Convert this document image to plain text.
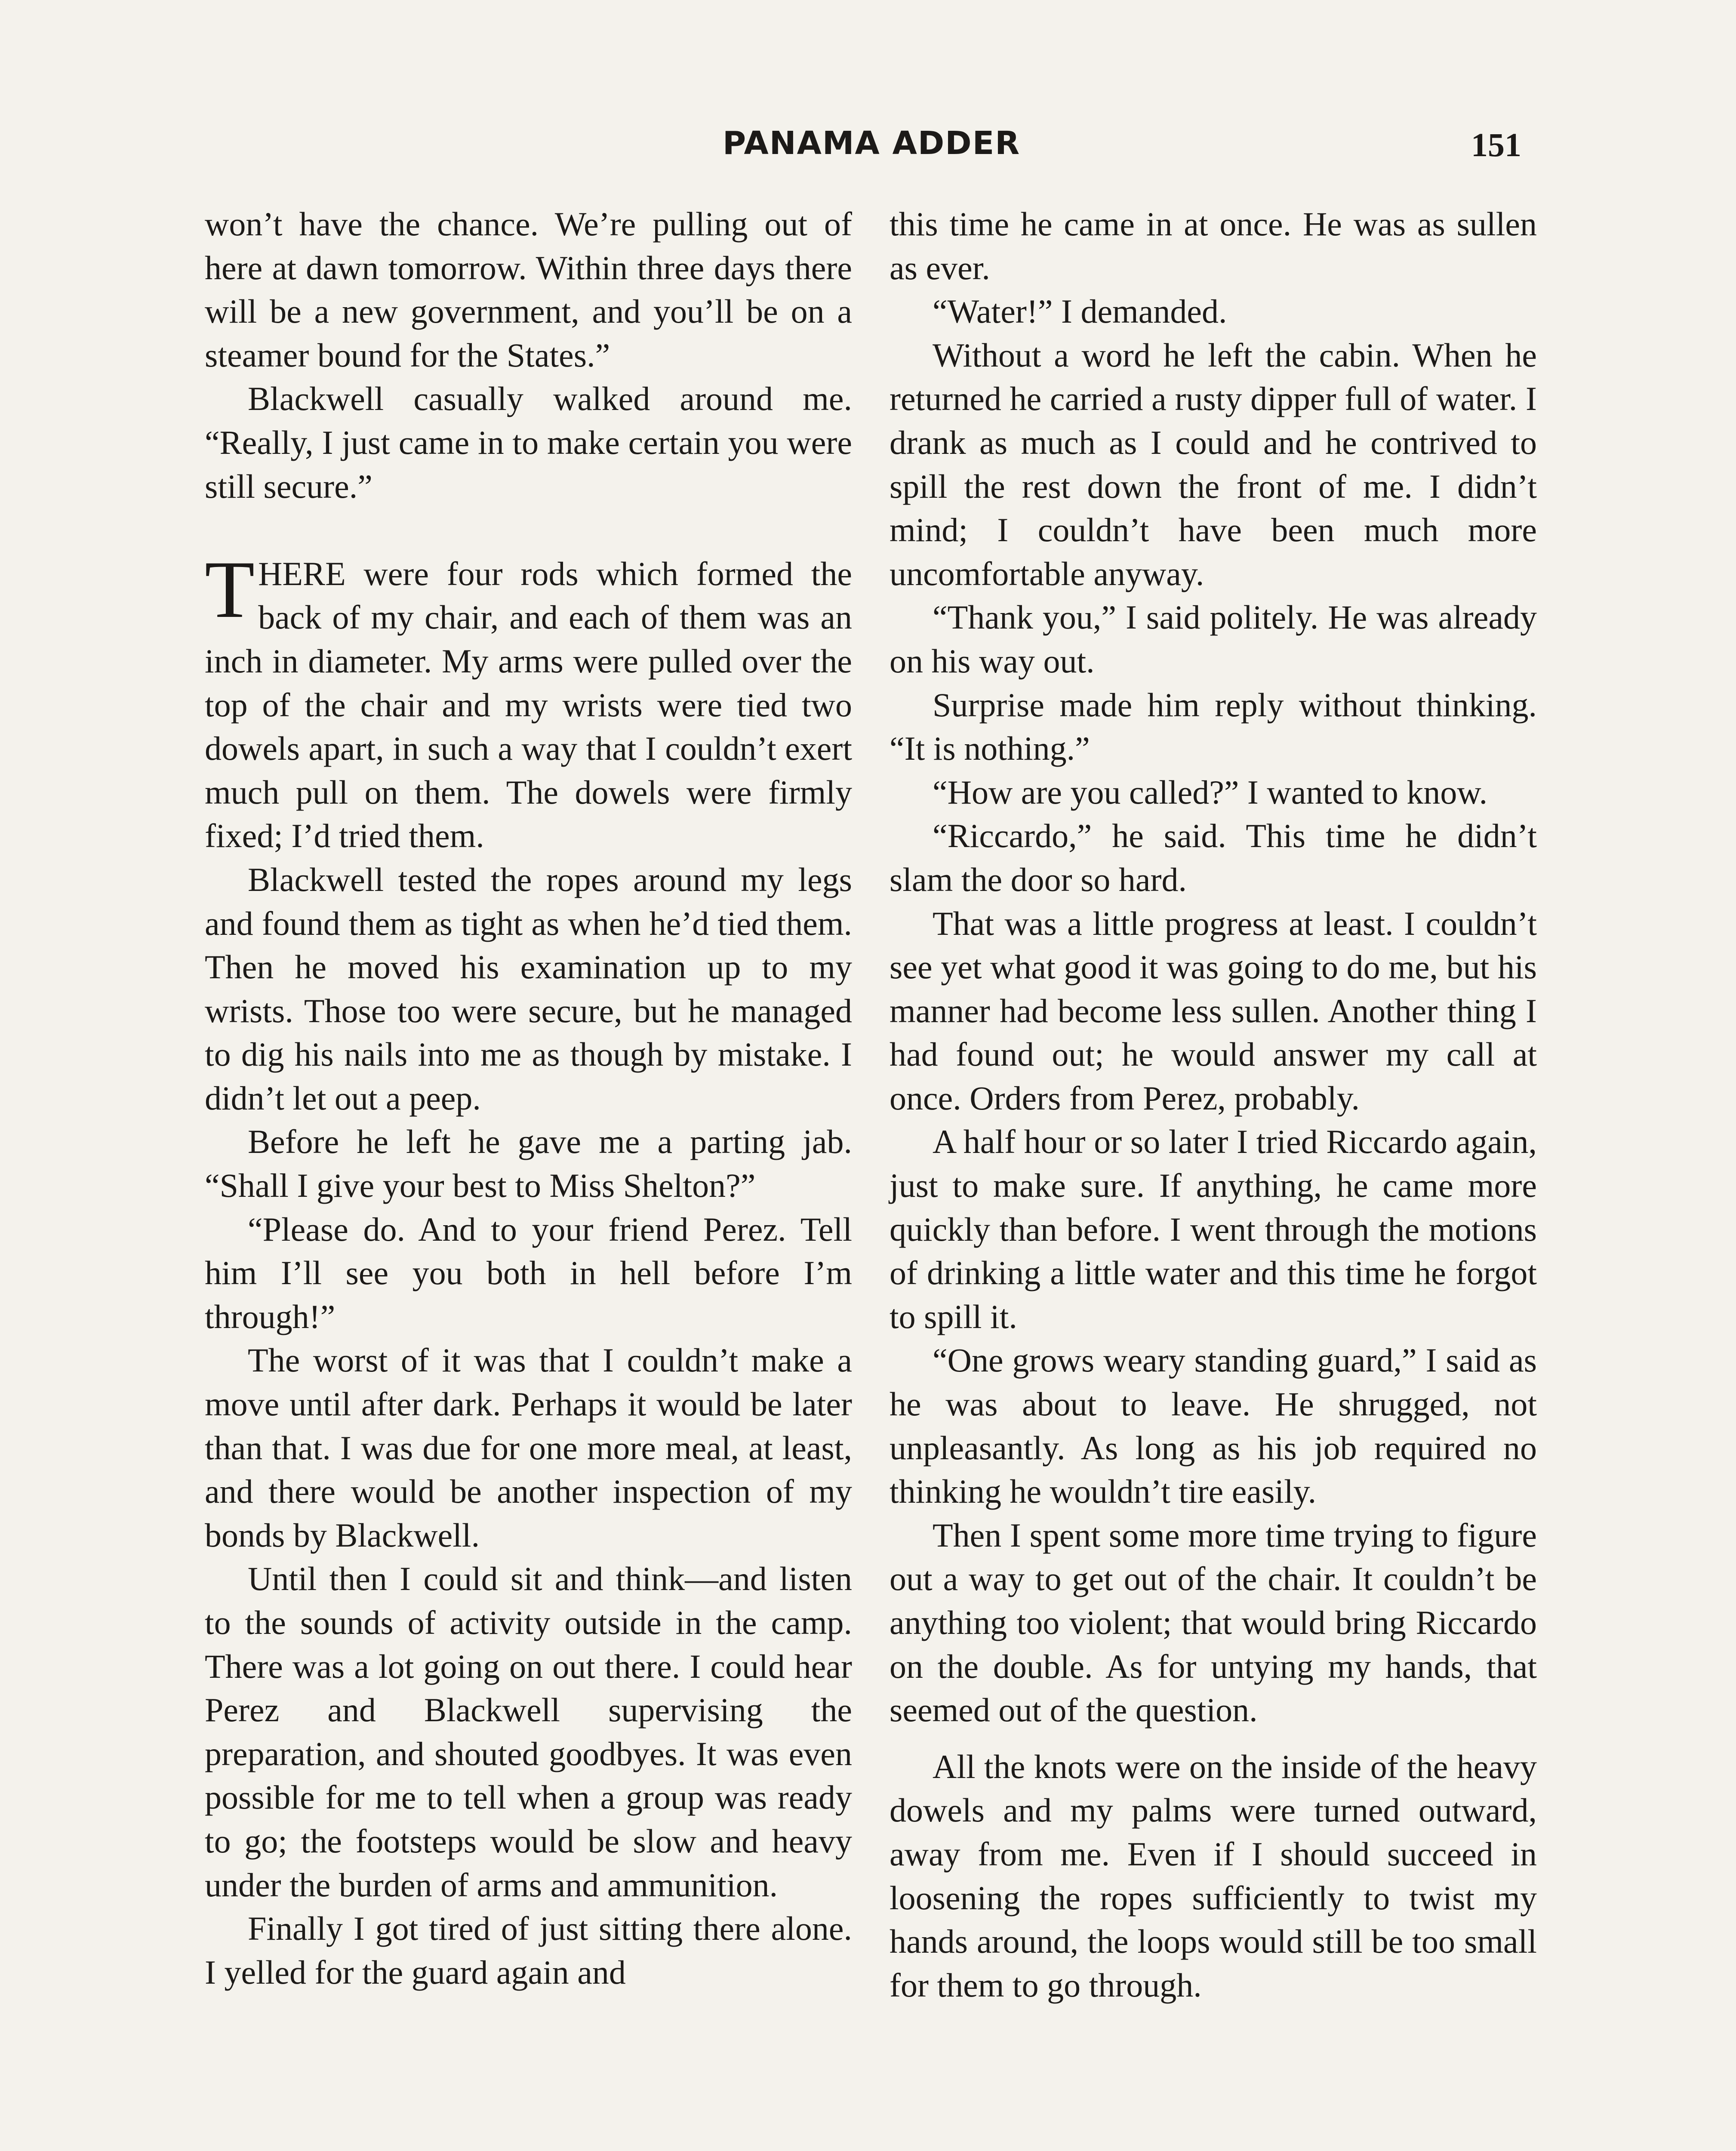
PANAMA ADDER	151

won’t have the chance. We’re pulling out of here at dawn tomorrow. Within three days there will be a new government, and you’ll be on a steamer bound for the States.”

Blackwell casually walked around me. “Really, I just came in to make certain you were still secure.”

THERE were four rods which formed the back of my chair, and each of them was an inch in diameter. My arms were pulled over the top of the chair and my wrists were tied two dowels apart, in such a way that I couldn’t exert much pull on them. The dowels were firmly fixed; I’d tried them.

Blackwell tested the ropes around my legs and found them as tight as when he’d tied them. Then he moved his examination up to my wrists. Those too were secure, but he managed to dig his nails into me as though by mistake. I didn’t let out a peep.

Before he left he gave me a parting jab. “Shall I give your best to Miss Shelton?”

“Please do. And to your friend Perez. Tell him I’ll see you both in hell before I’m through!”

The worst of it was that I couldn’t make a move until after dark. Perhaps it would be later than that. I was due for one more meal, at least, and there would be another inspection of my bonds by Blackwell.

Until then I could sit and think—and listen to the sounds of activity outside in the camp. There was a lot going on out there. I could hear Perez and Blackwell supervising the preparation, and shouted goodbyes. It was even possible for me to tell when a group was ready to go; the footsteps would be slow and heavy under the burden of arms and ammunition.

Finally I got tired of just sitting there alone. I yelled for the guard again and

this time he came in at once. He was as sullen as ever.

“Water!” I demanded.

Without a word he left the cabin. When he returned he carried a rusty dipper full of water. I drank as much as I could and he contrived to spill the rest down the front of me. I didn’t mind; I couldn’t have been much more uncomfortable anyway.

“Thank you,” I said politely. He was already on his way out.

Surprise made him reply without thinking. “It is nothing.”

“How are you called?” I wanted to know.

“Riccardo,” he said. This time he didn’t slam the door so hard.

That was a little progress at least. I couldn’t see yet what good it was going to do me, but his manner had become less sullen. Another thing I had found out; he would answer my call at once. Orders from Perez, probably.

A half hour or so later I tried Riccardo again, just to make sure. If anything, he came more quickly than before. I went through the motions of drinking a little water and this time he forgot to spill it.

“One grows weary standing guard,” I said as he was about to leave. He shrugged, not unpleasantly. As long as his job required no thinking he wouldn’t tire easily.

Then I spent some more time trying to figure out a way to get out of the chair. It couldn’t be anything too violent; that would bring Riccardo on the double. As for untying my hands, that seemed out of the question.

All the knots were on the inside of the heavy dowels and my palms were turned outward, away from me. Even if I should succeed in loosening the ropes sufficiently to twist my hands around, the loops would still be too small for them to go through.
